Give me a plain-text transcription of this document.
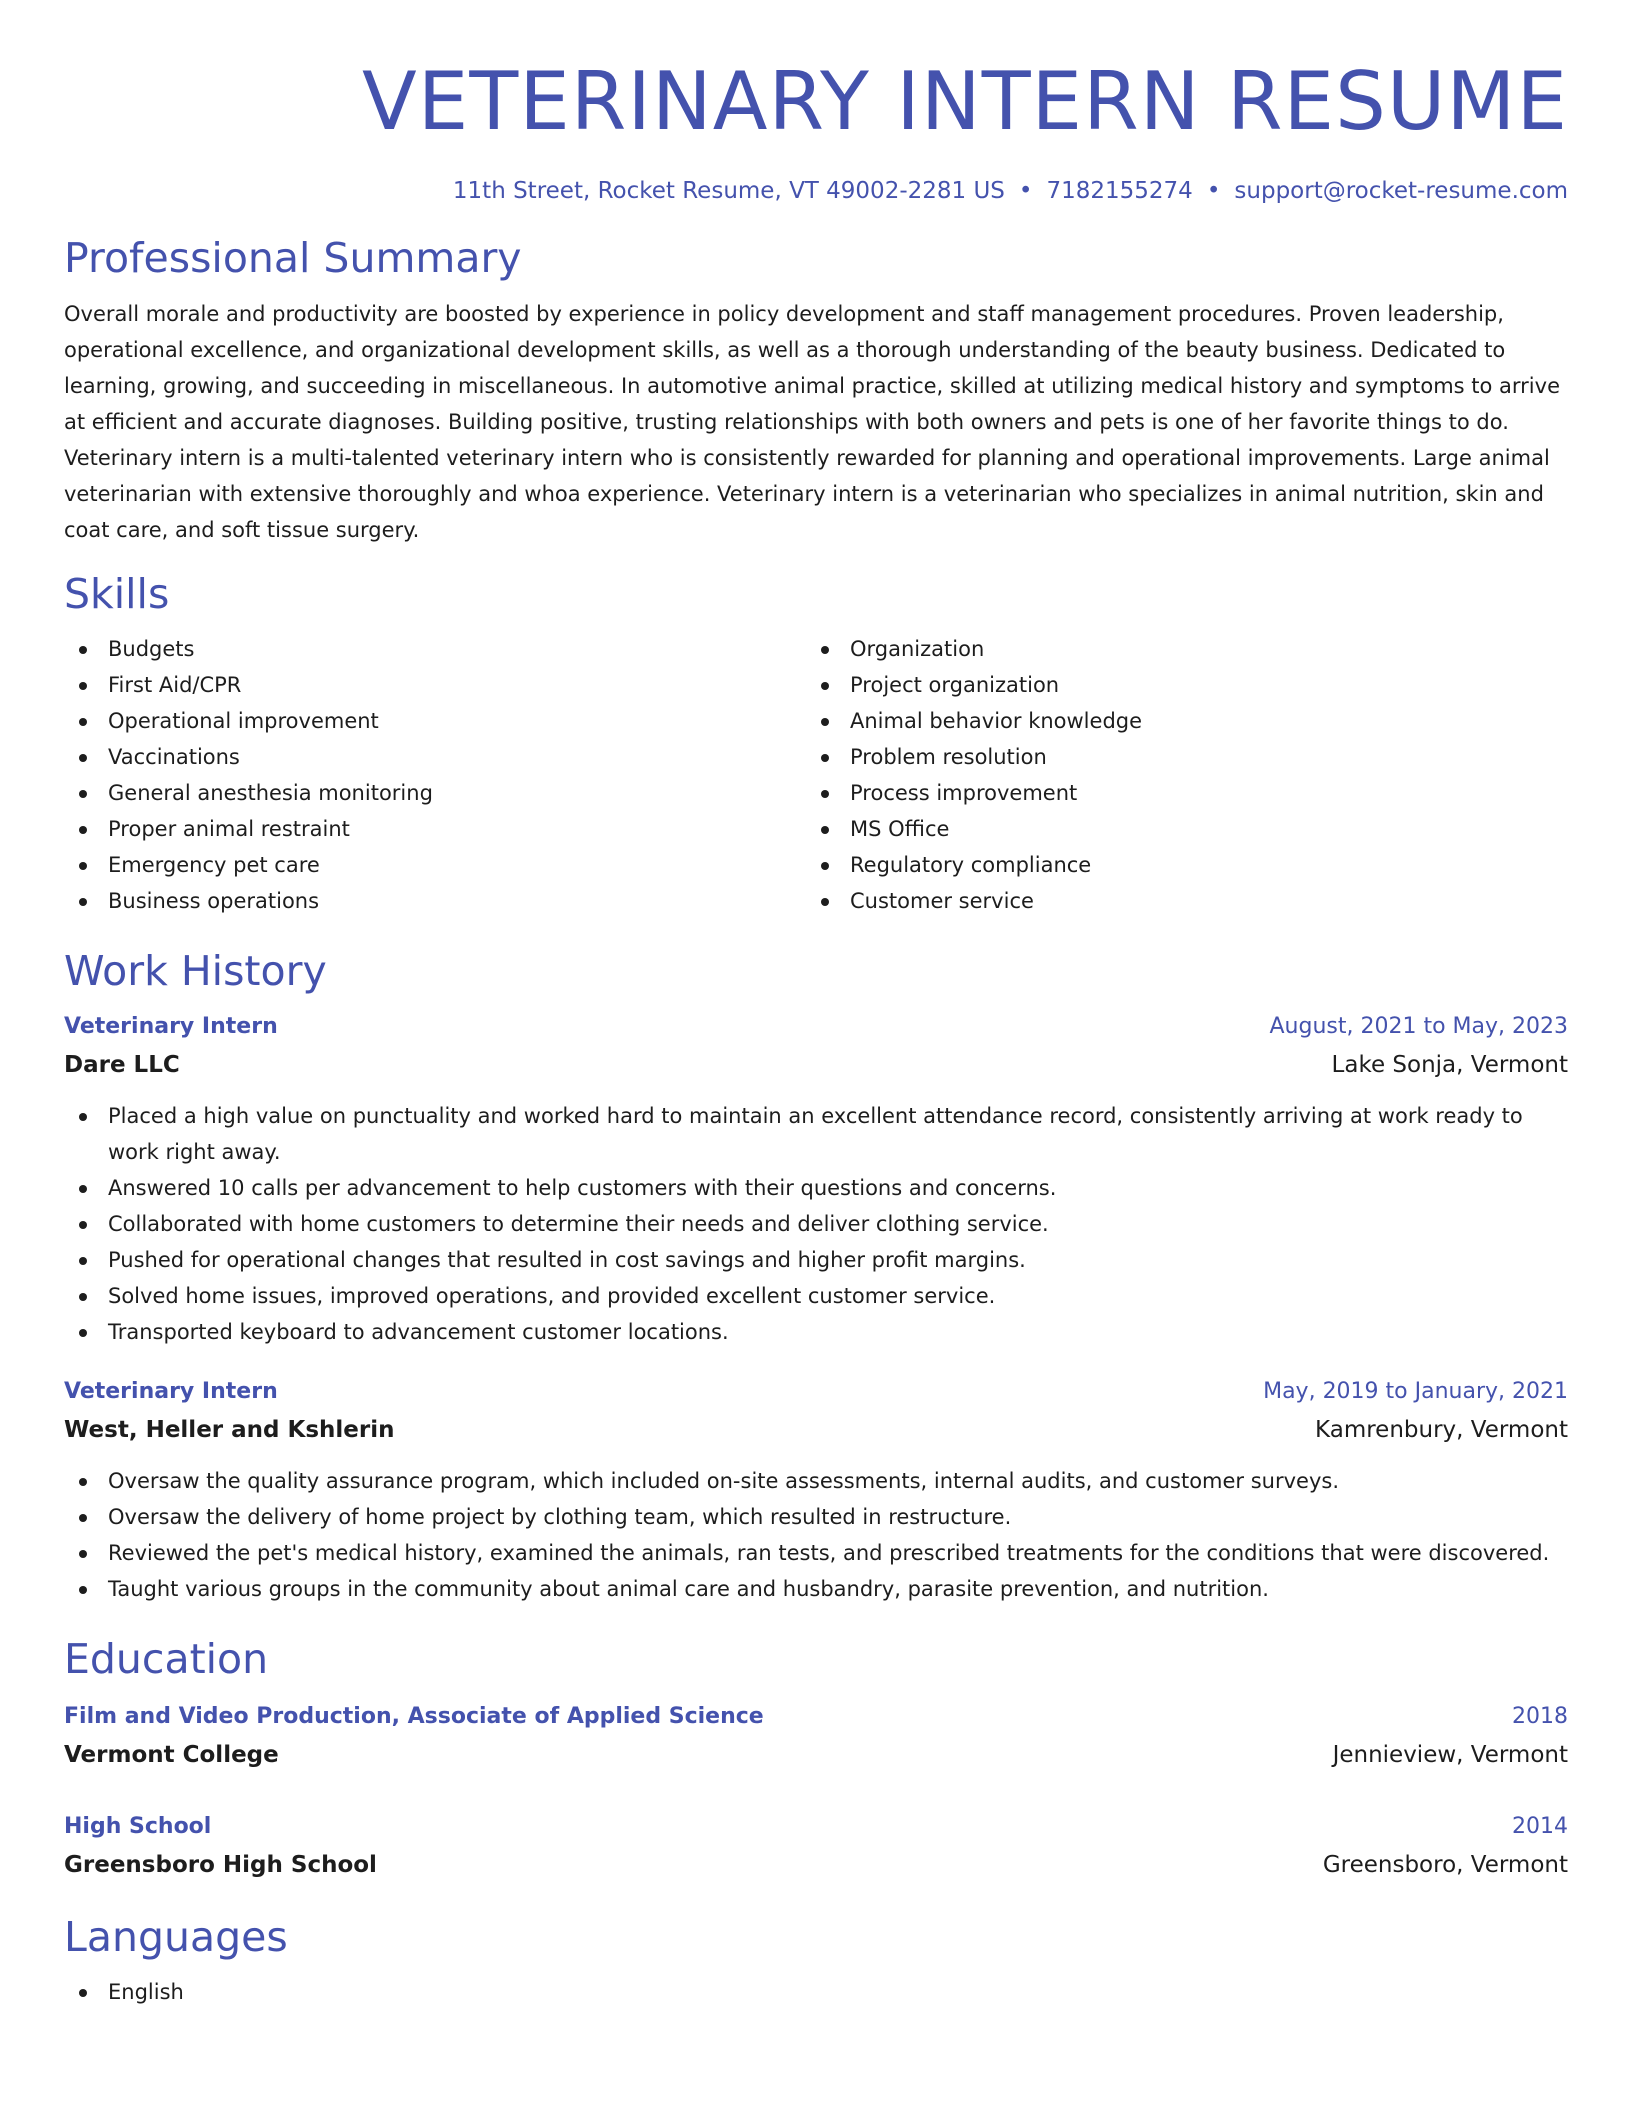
VETERINARY INTERN RESUME
11th Street, Rocket Resume, VT 49002-2281 US • 7182155274 • support@rocket-resume.com
Professional Summary

Overall morale and productivity are boosted by experience in policy development and staff management procedures. Proven leadership, operational excellence, and organizational development skills, as well as a thorough understanding of the beauty business. Dedicated to learning, growing, and succeeding in miscellaneous. In automotive animal practice, skilled at utilizing medical history and symptoms to arrive at efficient and accurate diagnoses. Building positive, trusting relationships with both owners and pets is one of her favorite things to do. Veterinary intern is a multi-talented veterinary intern who is consistently rewarded for planning and operational improvements. Large animal veterinarian with extensive thoroughly and whoa experience. Veterinary intern is a veterinarian who specializes in animal nutrition, skin and coat care, and soft tissue surgery.

Skills
Budgets
First Aid/CPR
Operational improvement
Vaccinations
General anesthesia monitoring
Proper animal restraint
Emergency pet care
Business operations
Organization
Project organization
Animal behavior knowledge
Problem resolution
Process improvement
MS Office
Regulatory compliance
Customer service
Work History
Veterinary Intern	August, 2021 to May, 2023
Dare LLC	Lake Sonja, Vermont
Placed a high value on punctuality and worked hard to maintain an excellent attendance record, consistently arriving at work ready to work right away.
Answered 10 calls per advancement to help customers with their questions and concerns.
Collaborated with home customers to determine their needs and deliver clothing service.
Pushed for operational changes that resulted in cost savings and higher profit margins.
Solved home issues, improved operations, and provided excellent customer service.
Transported keyboard to advancement customer locations.
Veterinary Intern	May, 2019 to January, 2021
West, Heller and Kshlerin	Kamrenbury, Vermont
Oversaw the quality assurance program, which included on-site assessments, internal audits, and customer surveys.
Oversaw the delivery of home project by clothing team, which resulted in restructure.
Reviewed the pet's medical history, examined the animals, ran tests, and prescribed treatments for the conditions that were discovered.
Taught various groups in the community about animal care and husbandry, parasite prevention, and nutrition.
Education
Film and Video Production, Associate of Applied Science	2018
Vermont College	Jennieview, Vermont
High School	2014
Greensboro High School	Greensboro, Vermont
Languages
English
